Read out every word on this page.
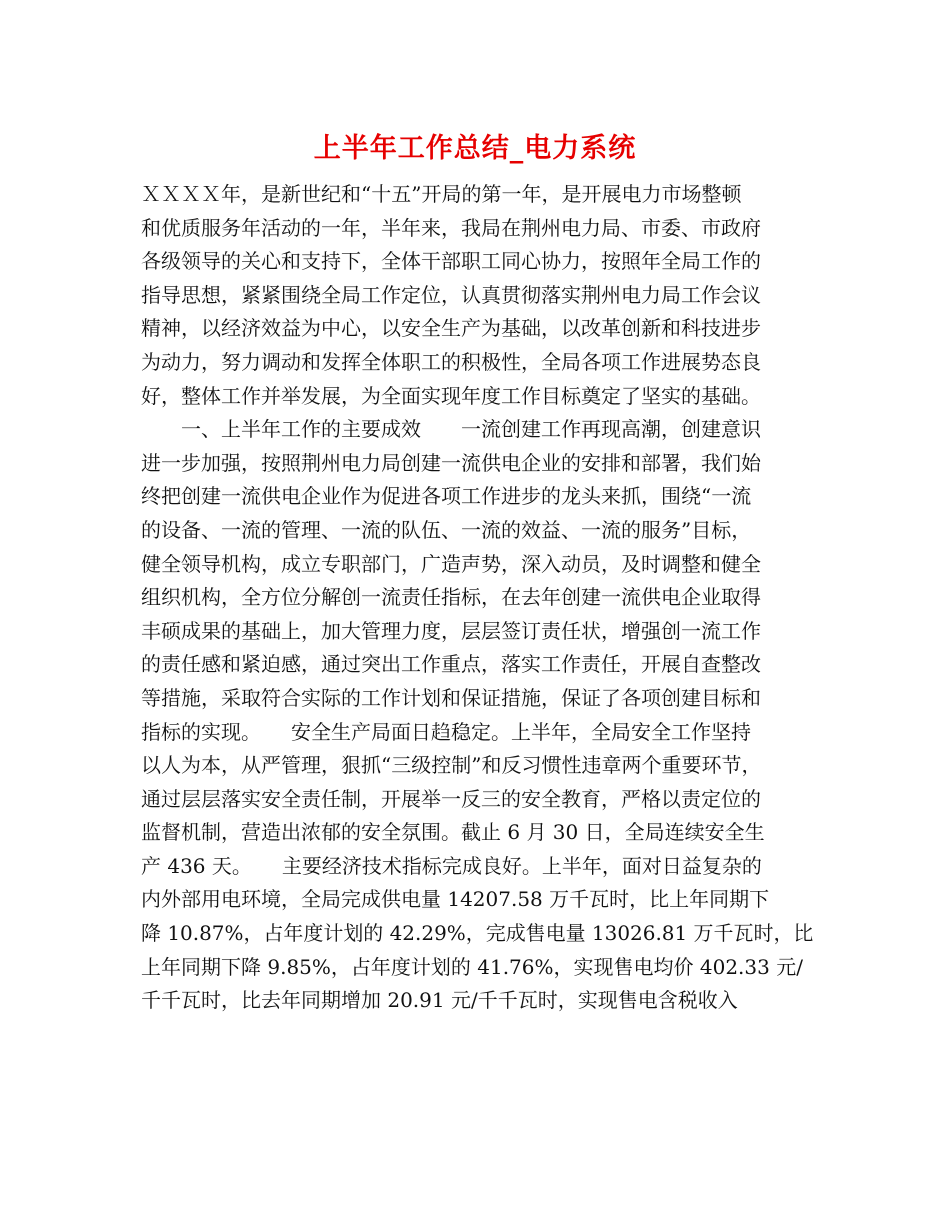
上半年工作总结_电力系统
ＸＸＸＸ年，是新世纪和“十五”开局的第一年，是开展电力市场整顿
和优质服务年活动的一年，半年来，我局在荆州电力局、市委、市政府
各级领导的关心和支持下，全体干部职工同心协力，按照年全局工作的
指导思想，紧紧围绕全局工作定位，认真贯彻落实荆州电力局工作会议
精神，以经济效益为中心，以安全生产为基础，以改革创新和科技进步
为动力，努力调动和发挥全体职工的积极性，全局各项工作进展势态良
好，整体工作并举发展，为全面实现年度工作目标奠定了坚实的基础。
　　一、上半年工作的主要成效　　一流创建工作再现高潮，创建意识
进一步加强，按照荆州电力局创建一流供电企业的安排和部署，我们始
终把创建一流供电企业作为促进各项工作进步的龙头来抓，围绕“一流
的设备、一流的管理、一流的队伍、一流的效益、一流的服务”目标，
健全领导机构，成立专职部门，广造声势，深入动员，及时调整和健全
组织机构，全方位分解创一流责任指标，在去年创建一流供电企业取得
丰硕成果的基础上，加大管理力度，层层签订责任状，增强创一流工作
的责任感和紧迫感，通过突出工作重点，落实工作责任，开展自查整改
等措施，采取符合实际的工作计划和保证措施，保证了各项创建目标和
指标的实现。　　安全生产局面日趋稳定。上半年，全局安全工作坚持
以人为本，从严管理，狠抓“三级控制”和反习惯性违章两个重要环节，
通过层层落实安全责任制，开展举一反三的安全教育，严格以责定位的
监督机制，营造出浓郁的安全氛围。截止 6 月 30 日，全局连续安全生
产 436 天。　　主要经济技术指标完成良好。上半年，面对日益复杂的
内外部用电环境，全局完成供电量 14207.58 万千瓦时，比上年同期下
降 10.87%，占年度计划的 42.29%，完成售电量 13026.81 万千瓦时，比
上年同期下降 9.85%，占年度计划的 41.76%，实现售电均价 402.33 元/
千千瓦时，比去年同期增加 20.91 元/千千瓦时，实现售电含税收入
